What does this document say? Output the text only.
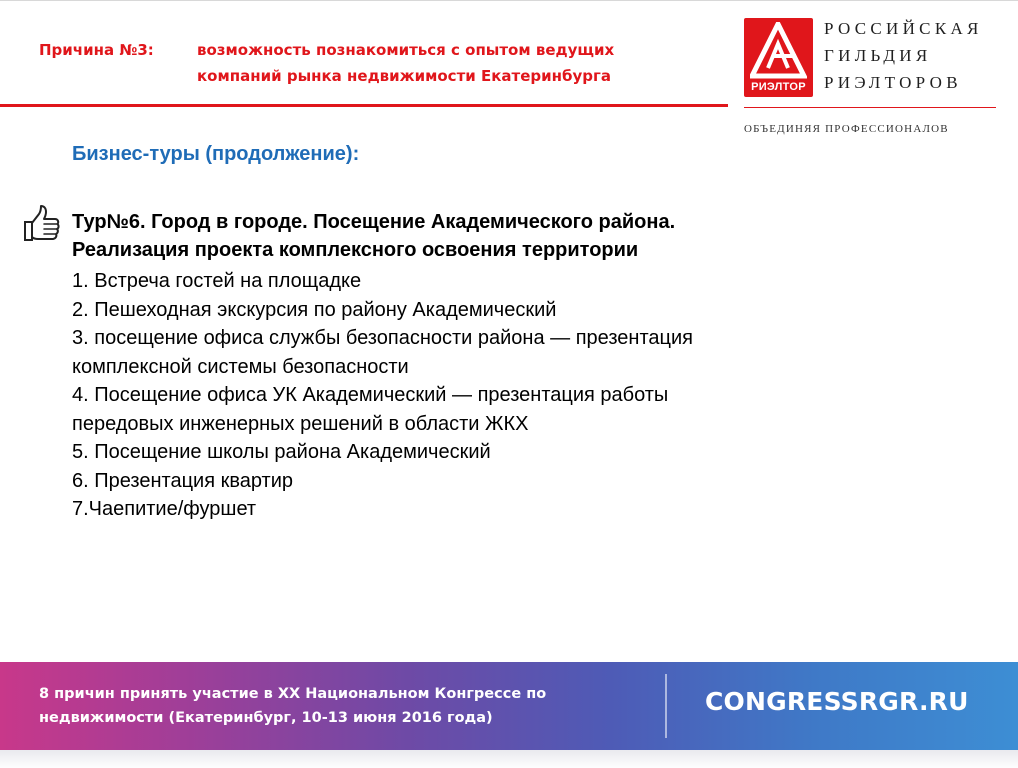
Причина №3:	возможность познакомиться с опытом ведущих
компаний рынка недвижимости Екатеринбурга
РИЭЛТОР
РОССИЙСКАЯ
ГИЛЬДИЯ
РИЭЛТОРОВ
ОБЪЕДИНЯЯ ПРОФЕССИОНАЛОВ
Бизнес-туры (продолжение):
Тур№6. Город в городе. Посещение Академического района.
Реализация проекта комплексного освоения территории
1. Встреча гостей на площадке
2. Пешеходная экскурсия по району Академический
3. посещение офиса службы безопасности района — презентация
комплексной системы безопасности
4. Посещение офиса УК Академический — презентация работы
передовых инженерных решений в области ЖКХ
5. Посещение школы района Академический
6. Презентация квартир
7.Чаепитие/фуршет
8 причин принять участие в XX Национальном Конгрессе по
недвижимости (Екатеринбург, 10-13 июня 2016 года)
CONGRESSRGR.RU
